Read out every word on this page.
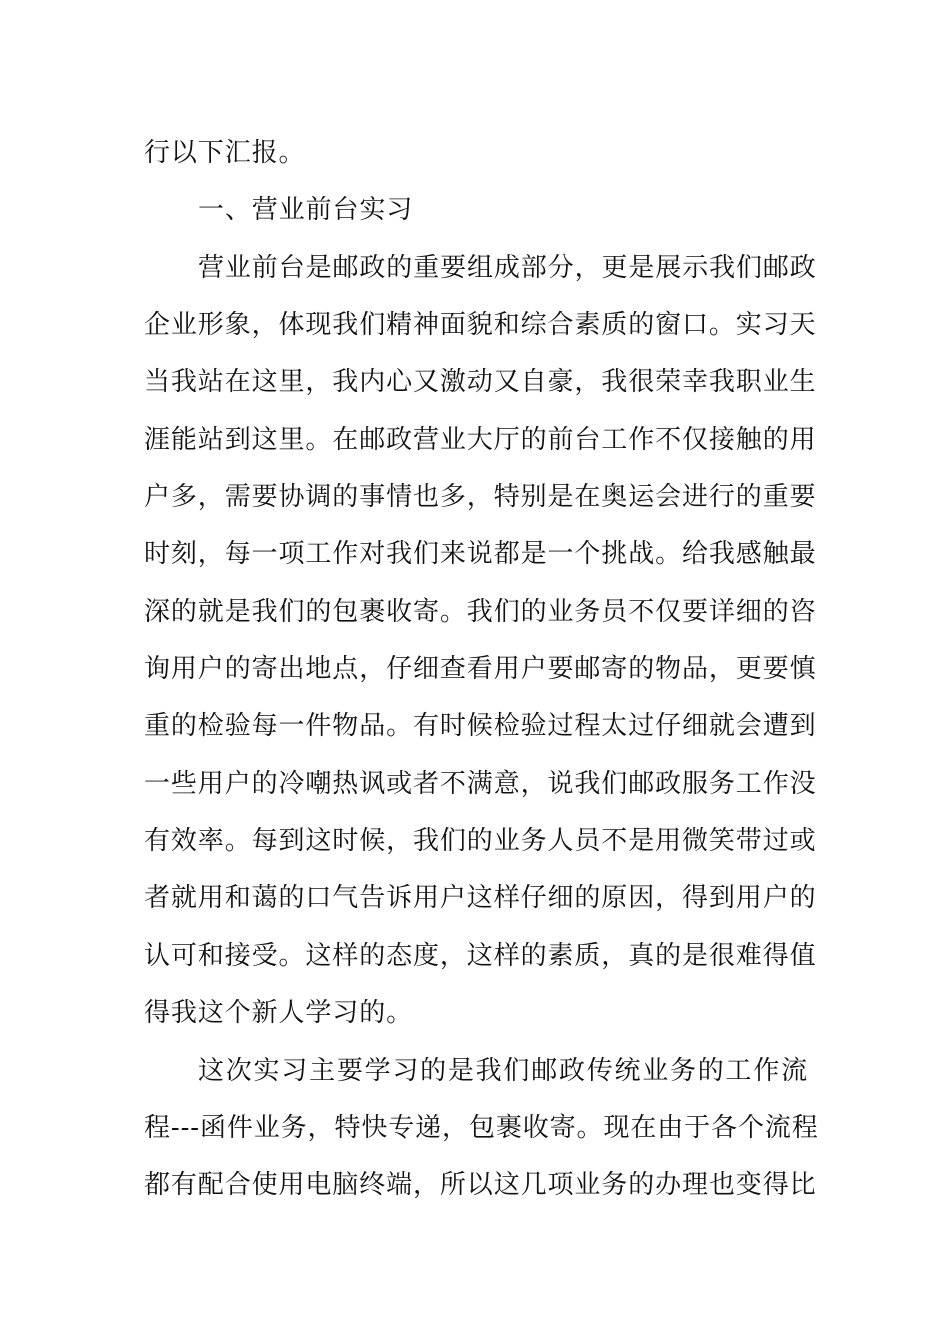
行以下汇报。
一、营业前台实习
营业前台是邮政的重要组成部分，更是展示我们邮政
企业形象，体现我们精神面貌和综合素质的窗口。实习天
当我站在这里，我内心又激动又自豪，我很荣幸我职业生
涯能站到这里。在邮政营业大厅的前台工作不仅接触的用
户多，需要协调的事情也多，特别是在奥运会进行的重要
时刻，每一项工作对我们来说都是一个挑战。给我感触最
深的就是我们的包裹收寄。我们的业务员不仅要详细的咨
询用户的寄出地点，仔细查看用户要邮寄的物品，更要慎
重的检验每一件物品。有时候检验过程太过仔细就会遭到
一些用户的冷嘲热讽或者不满意，说我们邮政服务工作没
有效率。每到这时候，我们的业务人员不是用微笑带过或
者就用和蔼的口气告诉用户这样仔细的原因，得到用户的
认可和接受。这样的态度，这样的素质，真的是很难得值
得我这个新人学习的。
这次实习主要学习的是我们邮政传统业务的工作流
程---函件业务，特快专递，包裹收寄。现在由于各个流程
都有配合使用电脑终端，所以这几项业务的办理也变得比
